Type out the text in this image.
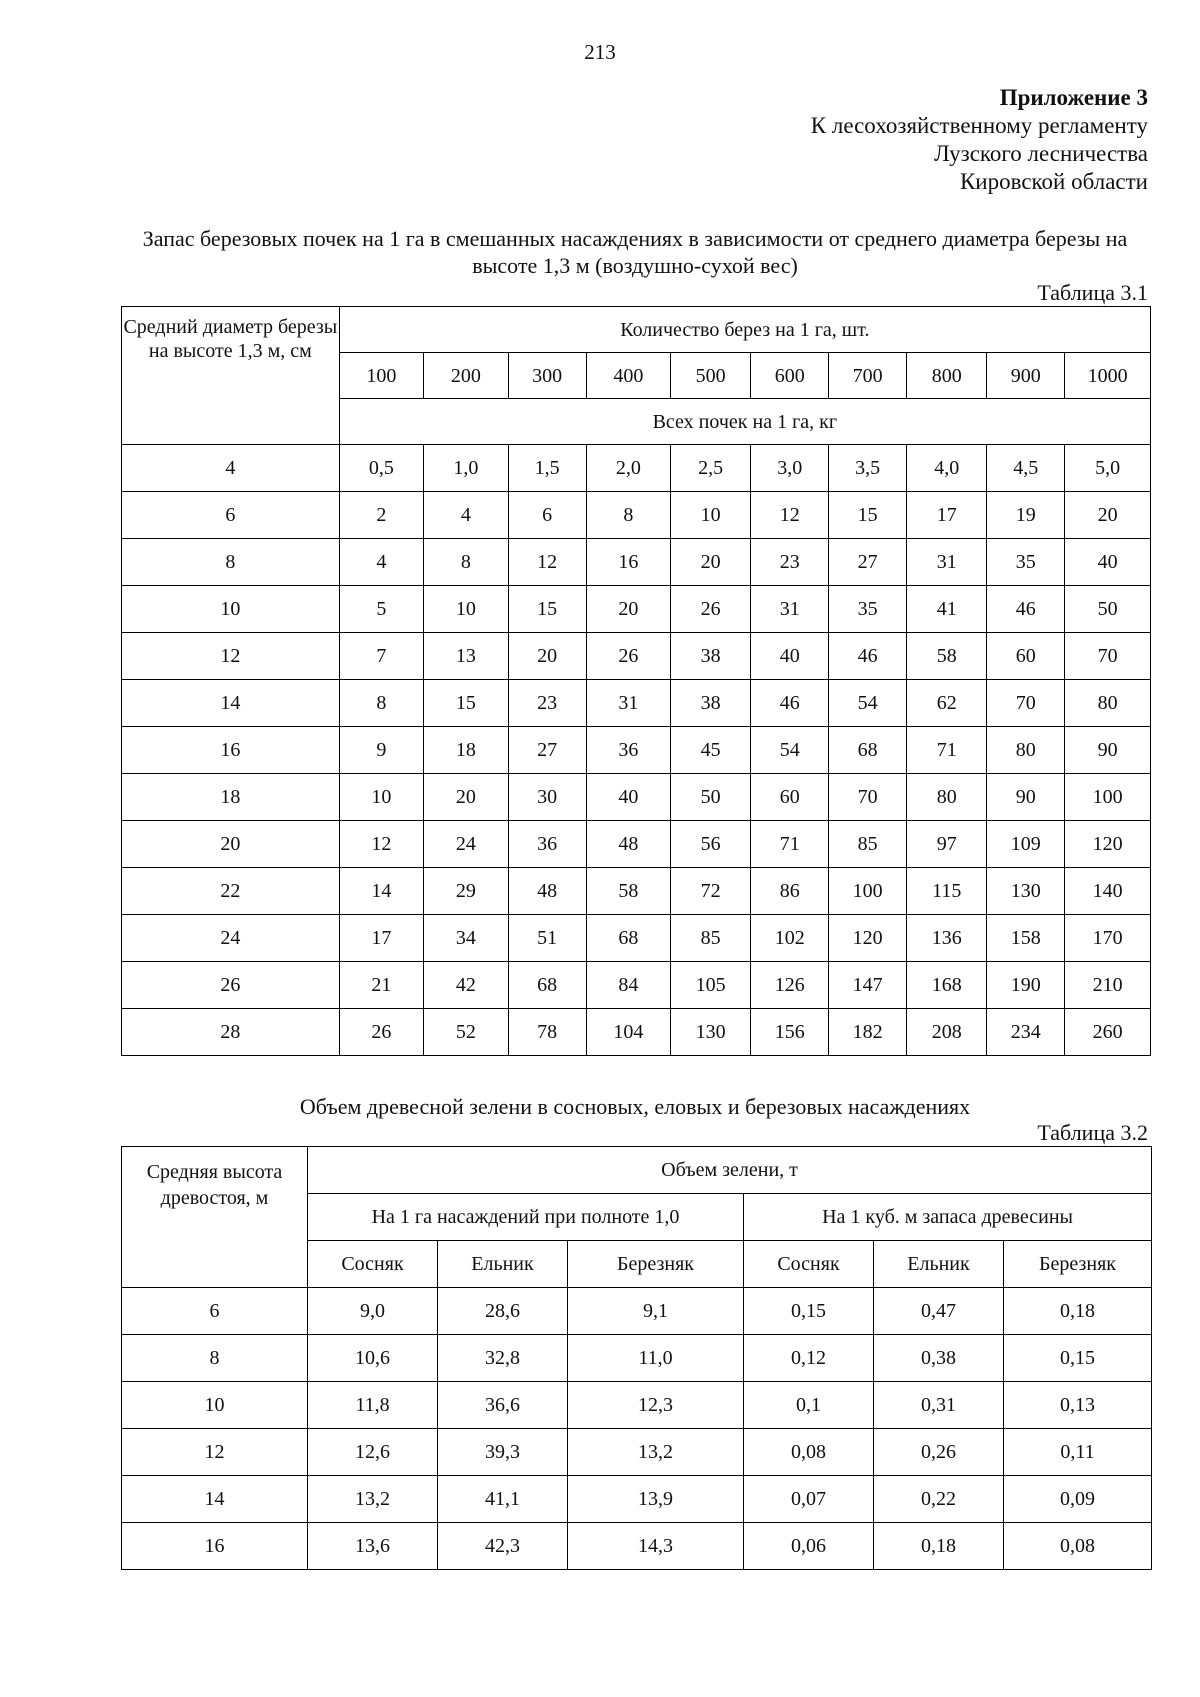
213
Приложение 3
К лесохозяйственному регламенту
Лузского лесничества
Кировской области
Запас березовых почек на 1 га в смешанных насаждениях в зависимости от среднего диаметра березы на высоте 1,3 м (воздушно-сухой вес)
Таблица 3.1
Средний диаметр березы на высоте 1,3 м, см	Количество берез на 1 га, шт.									
	100	200	300	400	500	600	700	800	900	1000
	Всех почек на 1 га, кг									
4	0,5	1,0	1,5	2,0	2,5	3,0	3,5	4,0	4,5	5,0
6	2	4	6	8	10	12	15	17	19	20
8	4	8	12	16	20	23	27	31	35	40
10	5	10	15	20	26	31	35	41	46	50
12	7	13	20	26	38	40	46	58	60	70
14	8	15	23	31	38	46	54	62	70	80
16	9	18	27	36	45	54	68	71	80	90
18	10	20	30	40	50	60	70	80	90	100
20	12	24	36	48	56	71	85	97	109	120
22	14	29	48	58	72	86	100	115	130	140
24	17	34	51	68	85	102	120	136	158	170
26	21	42	68	84	105	126	147	168	190	210
28	26	52	78	104	130	156	182	208	234	260
Объем древесной зелени в сосновых, еловых и березовых насаждениях
Таблица 3.2
Средняя высота древостоя, м	Объем зелени, т					
	На 1 га насаждений при полноте 1,0			На 1 куб. м запаса древесины		
	Сосняк	Ельник	Березняк	Сосняк	Ельник	Березняк
6	9,0	28,6	9,1	0,15	0,47	0,18
8	10,6	32,8	11,0	0,12	0,38	0,15
10	11,8	36,6	12,3	0,1	0,31	0,13
12	12,6	39,3	13,2	0,08	0,26	0,11
14	13,2	41,1	13,9	0,07	0,22	0,09
16	13,6	42,3	14,3	0,06	0,18	0,08
